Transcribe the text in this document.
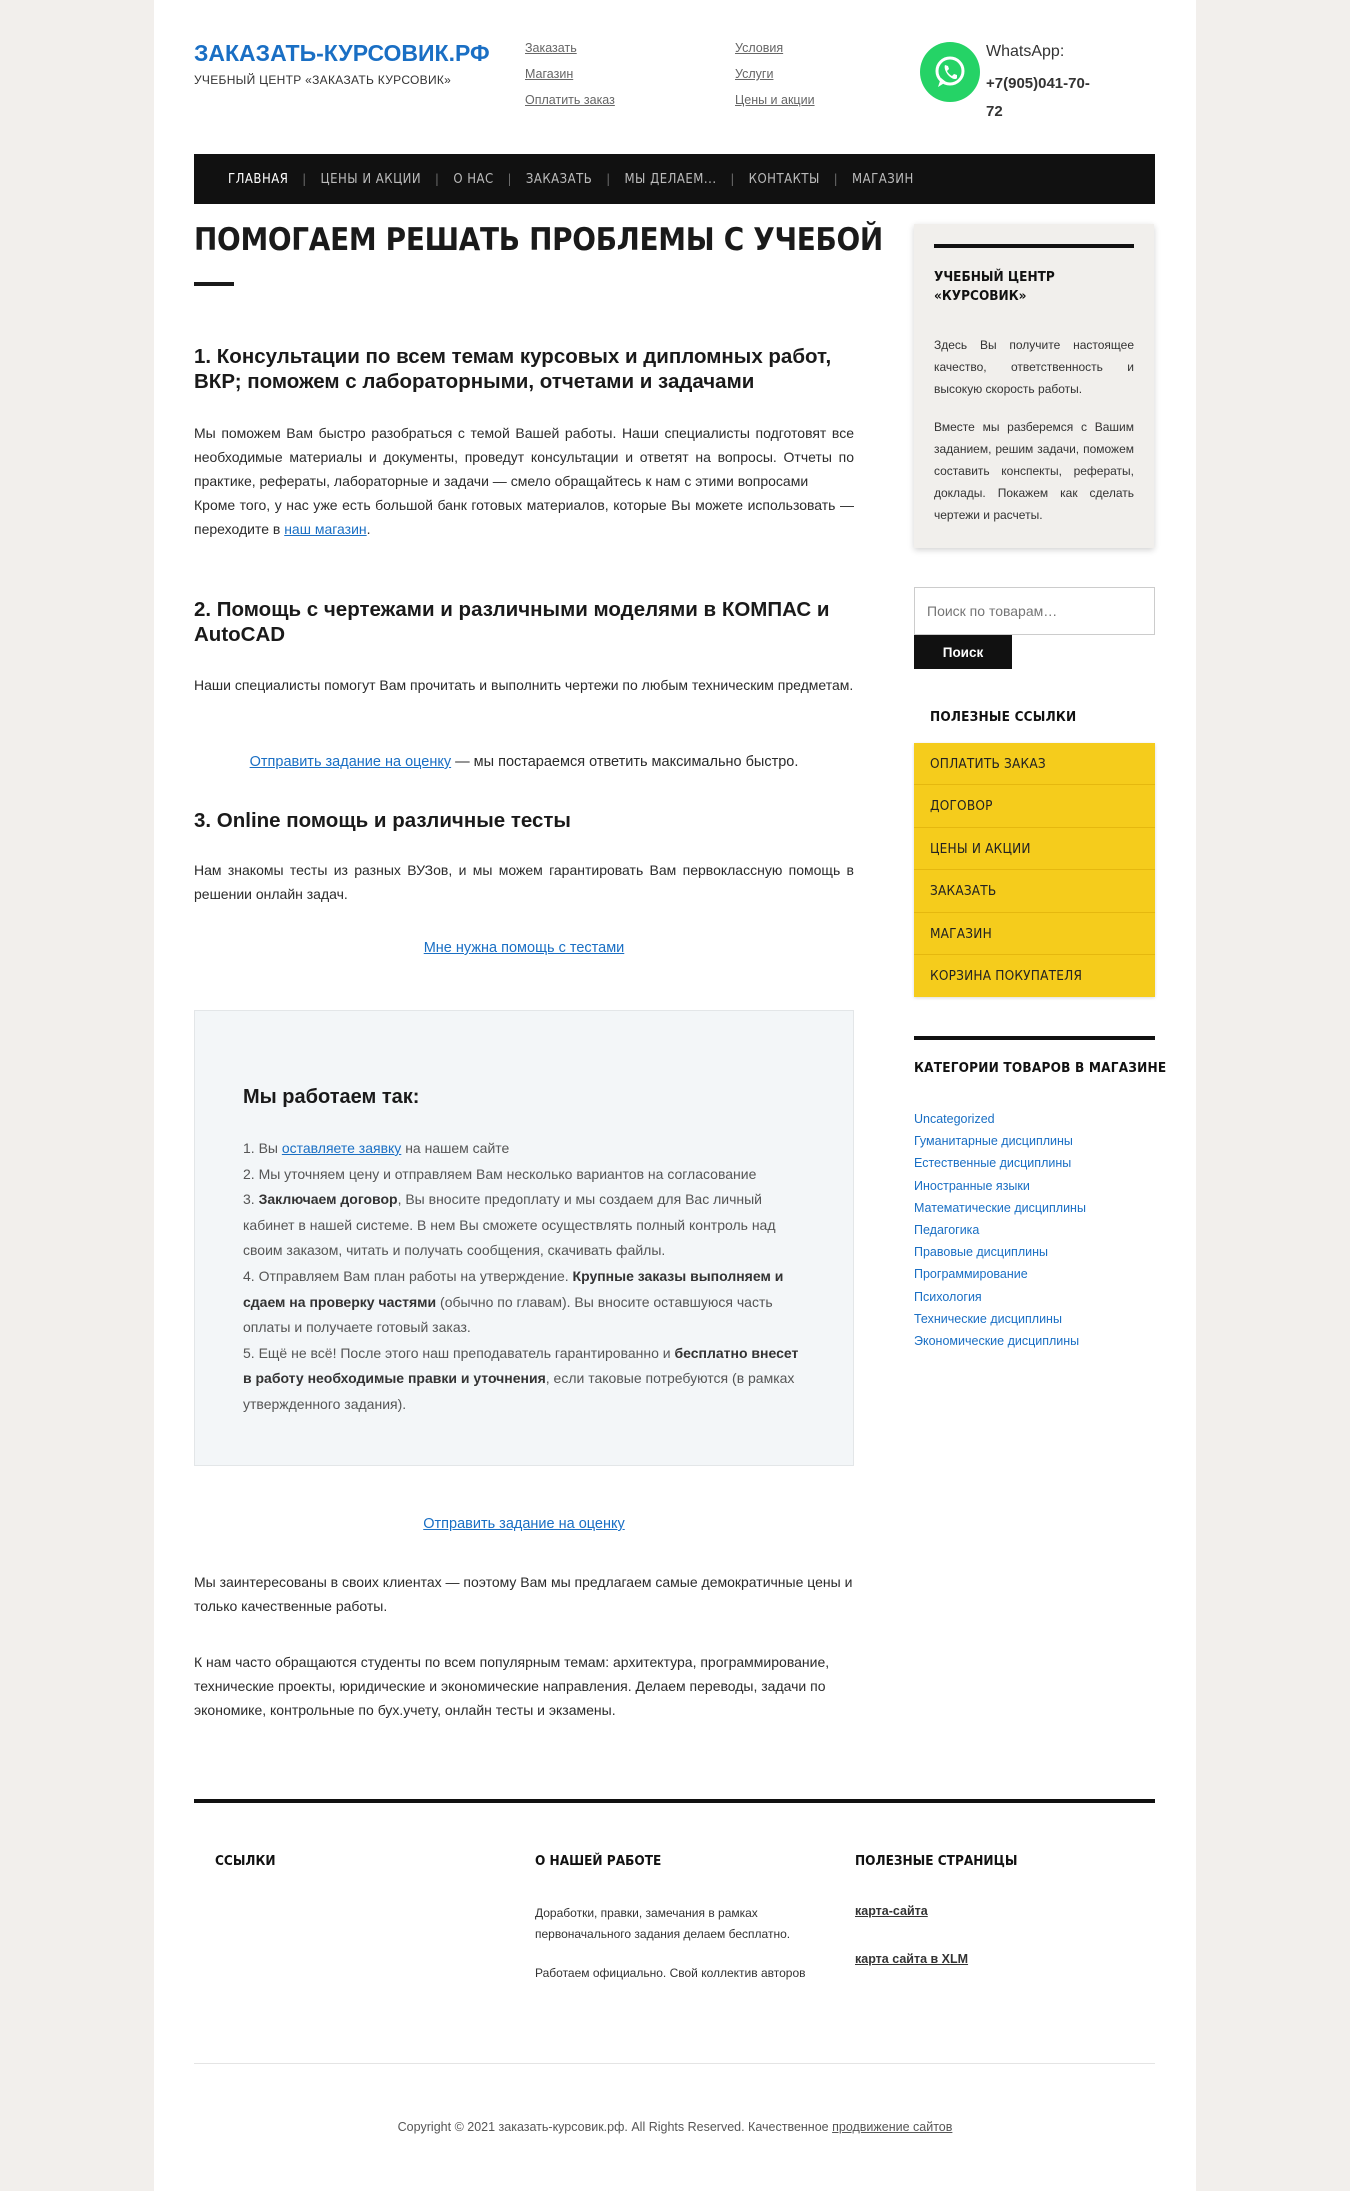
ЗАКАЗАТЬ-КУРСОВИК.РФ
УЧЕБНЫЙ ЦЕНТР «ЗАКАЗАТЬ КУРСОВИК»
Заказать
Магазин
Оплатить заказ
Условия
Услуги
Цены и акции
WhatsApp:
+7(905)041-70-72
ГЛАВНАЯ | ЦЕНЫ И АКЦИИ | О НАС | ЗАКАЗАТЬ | МЫ ДЕЛАЕМ... | КОНТАКТЫ | МАГАЗИН
ПОМОГАЕМ РЕШАТЬ ПРОБЛЕМЫ С УЧЕБОЙ
1. Консультации по всем темам курсовых и дипломных работ, ВКР; поможем с лабораторными, отчетами и задачами

Мы поможем Вам быстро разобраться с темой Вашей работы. Наши специалисты подготовят все необходимые материалы и документы, проведут консультации и ответят на вопросы. Отчеты по практике, рефераты, лабораторные и задачи — смело обращайтесь к нам с этими вопросами

Кроме того, у нас уже есть большой банк готовых материалов, которые Вы можете использовать — переходите в наш магазин.

2. Помощь с чертежами и различными моделями в КОМПАС и AutoCAD

Наши специалисты помогут Вам прочитать и выполнить чертежи по любым техническим предметам.

Отправить задание на оценку — мы постараемся ответить максимально быстро.
3. Online помощь и различные тесты

Нам знакомы тесты из разных ВУЗов, и мы можем гарантировать Вам первоклассную помощь в решении онлайн задач.

Мне нужна помощь с тестами
Мы работаем так:
1. Вы оставляете заявку на нашем сайте
2. Мы уточняем цену и отправляем Вам несколько вариантов на согласование
3. Заключаем договор, Вы вносите предоплату и мы создаем для Вас личный кабинет в нашей системе. В нем Вы сможете осуществлять полный контроль над своим заказом, читать и получать сообщения, скачивать файлы.
4. Отправляем Вам план работы на утверждение. Крупные заказы выполняем и сдаем на проверку частями (обычно по главам). Вы вносите оставшуюся часть оплаты и получаете готовый заказ.
5. Ещё не всё! После этого наш преподаватель гарантированно и бесплатно внесет в работу необходимые правки и уточнения, если таковые потребуются (в рамках утвержденного задания).
Отправить задание на оценку

Мы заинтересованы в своих клиентах — поэтому Вам мы предлагаем самые демократичные цены и только качественные работы.

К нам часто обращаются студенты по всем популярным темам: архитектура, программирование, технические проекты, юридические и экономические направления. Делаем переводы, задачи по экономике, контрольные по бух.учету, онлайн тесты и экзамены.

УЧЕБНЫЙ ЦЕНТР «КУРСОВИК»

Здесь Вы получите настоящее качество, ответственность и высокую скорость работы.

Вместе мы разберемся с Вашим заданием, решим задачи, поможем составить конспекты, рефераты, доклады. Покажем как сделать чертежи и расчеты.

Поиск по товарам…
Поиск
ПОЛЕЗНЫЕ ССЫЛКИ
ОПЛАТИТЬ ЗАКАЗ
ДОГОВОР
ЦЕНЫ И АКЦИИ
ЗАКАЗАТЬ
МАГАЗИН
КОРЗИНА ПОКУПАТЕЛЯ
КАТЕГОРИИ ТОВАРОВ В МАГАЗИНЕ
Uncategorized
Гуманитарные дисциплины
Естественные дисциплины
Иностранные языки
Математические дисциплины
Педагогика
Правовые дисциплины
Программирование
Психология
Технические дисциплины
Экономические дисциплины
ССЫЛКИ	О НАШЕЙ РАБОТЕ	ПОЛЕЗНЫЕ СТРАНИЦЫ

Доработки, правки, замечания в рамках первоначального задания делаем бесплатно.

Работаем официально. Свой коллектив авторов

карта-сайта
карта сайта в XLM
Copyright © 2021 заказать-курсовик.рф. All Rights Reserved. Качественное продвижение сайтов
